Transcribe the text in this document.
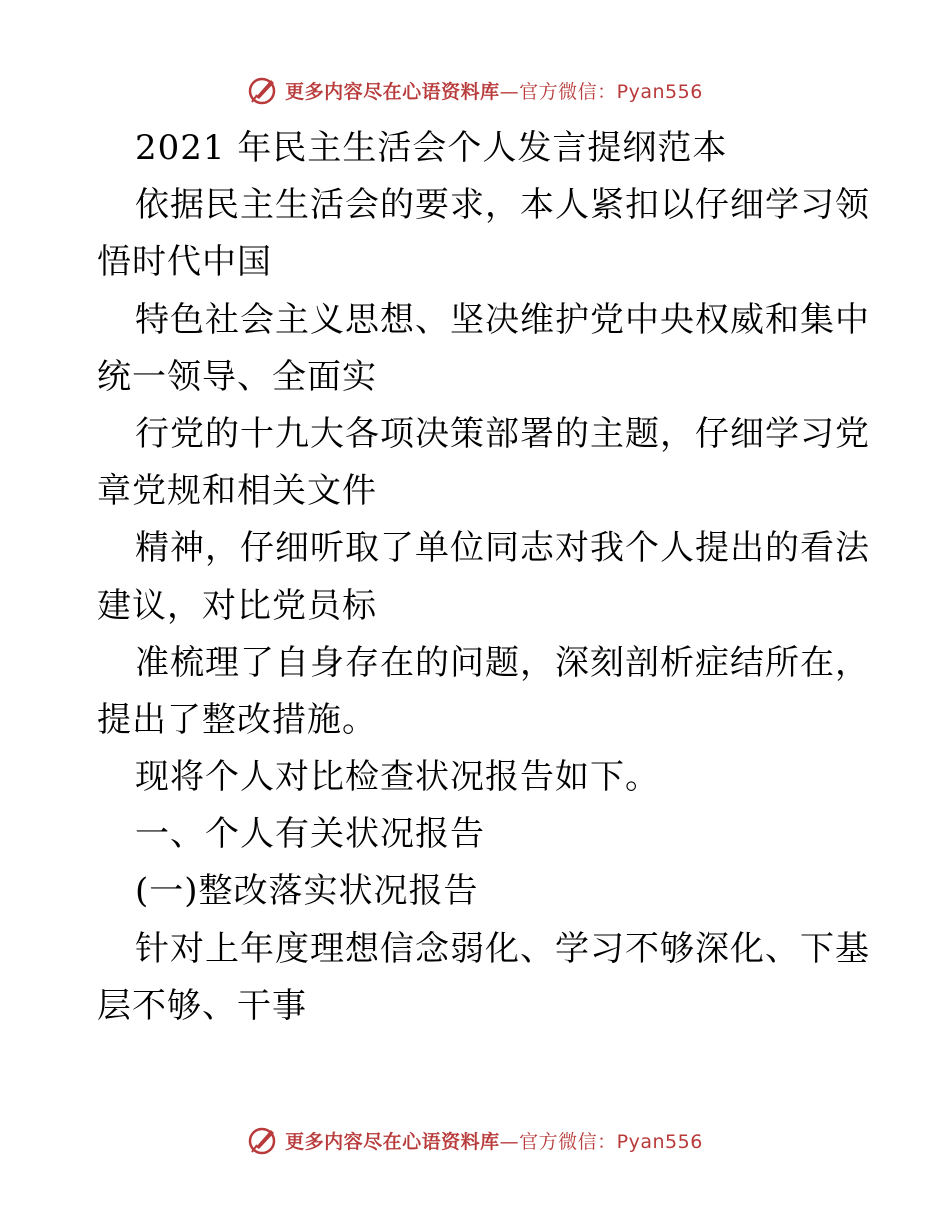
更多内容尽在心语资料库—官方微信：Pyan556
2021 年民主生活会个人发言提纲范本
依据民主生活会的要求，本人紧扣以仔细学习领
悟时代中国
特色社会主义思想、坚决维护党中央权威和集中
统一领导、全面实
行党的十九大各项决策部署的主题，仔细学习党
章党规和相关文件
精神，仔细听取了单位同志对我个人提出的看法
建议，对比党员标
准梳理了自身存在的问题，深刻剖析症结所在，
提出了整改措施。
现将个人对比检查状况报告如下。
一、个人有关状况报告
(一)整改落实状况报告
针对上年度理想信念弱化、学习不够深化、下基
层不够、干事
更多内容尽在心语资料库—官方微信：Pyan556
